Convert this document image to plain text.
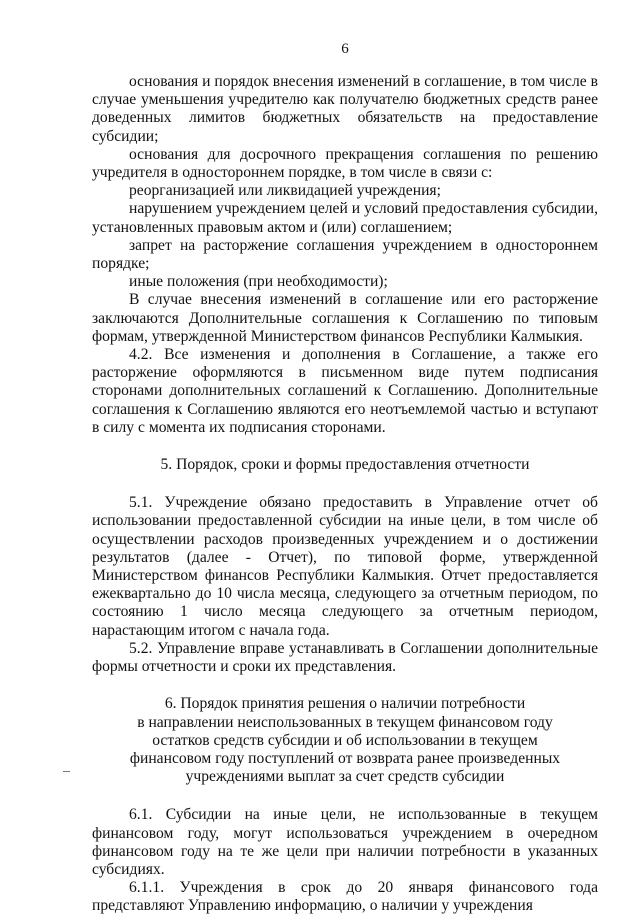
6

основания и порядок внесения изменений в соглашение, в том числе в случае уменьшения учредителю как получателю бюджетных средств ранее доведенных лимитов бюджетных обязательств на предоставление субсидии;

основания для досрочного прекращения соглашения по решению учредителя в одностороннем порядке, в том числе в связи с:

реорганизацией или ликвидацией учреждения;

нарушением учреждением целей и условий предоставления субсидии, установленных правовым актом и (или) соглашением;

запрет на расторжение соглашения учреждением в одностороннем порядке;

иные положения (при необходимости);

В случае внесения изменений в соглашение или его расторжение заключаются Дополнительные соглашения к Соглашению по типовым формам, утвержденной Министерством финансов Республики Калмыкия.

4.2. Все изменения и дополнения в Соглашение, а также его расторжение оформляются в письменном виде путем подписания сторонами дополнительных соглашений к Соглашению. Дополнительные соглашения к Соглашению являются его неотъемлемой частью и вступают в силу с момента их подписания сторонами.

5. Порядок, сроки и формы предоставления отчетности

5.1. Учреждение обязано предоставить в Управление отчет об использовании предоставленной субсидии на иные цели, в том числе об осуществлении расходов произведенных учреждением и о достижении результатов (далее - Отчет), по типовой форме, утвержденной Министерством финансов Республики Калмыкия. Отчет предоставляется ежеквартально до 10 числа месяца, следующего за отчетным периодом, по состоянию 1 число месяца следующего за отчетным периодом, нарастающим итогом с начала года.

5.2. Управление вправе устанавливать в Соглашении дополнительные формы отчетности и сроки их представления.

6. Порядок принятия решения о наличии потребности
в направлении неиспользованных в текущем финансовом году
остатков средств субсидии и об использовании в текущем
финансовом году поступлений от возврата ранее произведенных
учреждениями выплат за счет средств субсидии

6.1. Субсидии на иные цели, не использованные в текущем финансовом году, могут использоваться учреждением в очередном финансовом году на те же цели при наличии потребности в указанных субсидиях.

6.1.1. Учреждения в срок до 20 января финансового года представляют Управлению информацию, о наличии у учреждения
